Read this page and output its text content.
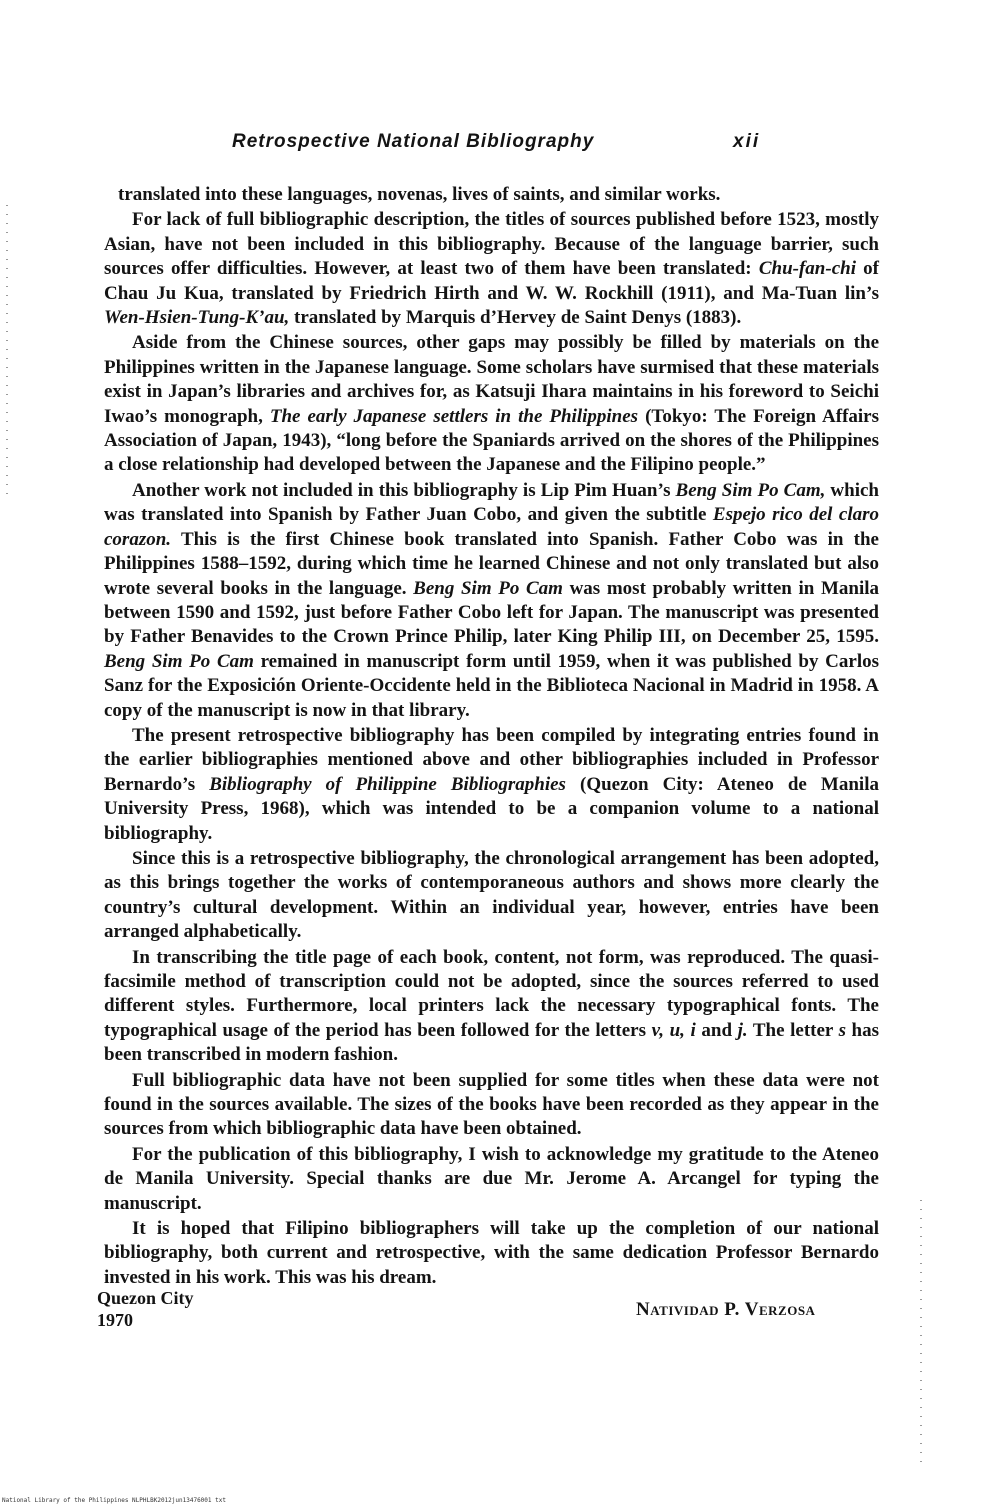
Retrospective National Bibliography	xii

translated into these languages, novenas, lives of saints, and similar works.

For lack of full bibliographic description, the titles of sources published before 1523, mostly Asian, have not been included in this bibliography. Because of the language barrier, such sources offer difficulties. However, at least two of them have been translated: Chu-fan-chi of Chau Ju Kua, translated by Friedrich Hirth and W. W. Rockhill (1911), and Ma-Tuan lin’s Wen-Hsien-Tung-K’au, translated by Marquis d’Hervey de Saint Denys (1883).

Aside from the Chinese sources, other gaps may possibly be filled by materials on the Philippines written in the Japanese language. Some scholars have surmised that these materials exist in Japan’s libraries and archives for, as Katsuji Ihara maintains in his foreword to Seichi Iwao’s monograph, The early Japanese settlers in the Philippines (Tokyo: The Foreign Affairs Association of Japan, 1943), “long before the Spaniards arrived on the shores of the Philippines a close relationship had developed between the Japanese and the Filipino people.”

Another work not included in this bibliography is Lip Pim Huan’s Beng Sim Po Cam, which was translated into Spanish by Father Juan Cobo, and given the subtitle Espejo rico del claro corazon. This is the first Chinese book translated into Spanish. Father Cobo was in the Philippines 1588–1592, during which time he learned Chinese and not only translated but also wrote several books in the language. Beng Sim Po Cam was most probably written in Manila between 1590 and 1592, just before Father Cobo left for Japan. The manuscript was presented by Father Benavides to the Crown Prince Philip, later King Philip III, on December 25, 1595. Beng Sim Po Cam remained in manuscript form until 1959, when it was published by Carlos Sanz for the Exposición Oriente-Occidente held in the Biblioteca Nacional in Madrid in 1958. A copy of the manuscript is now in that library.

The present retrospective bibliography has been compiled by integrating entries found in the earlier bibliographies mentioned above and other bibliographies included in Professor Bernardo’s Bibliography of Philippine Bibliographies (Quezon City: Ateneo de Manila University Press, 1968), which was intended to be a companion volume to a national bibliography.

Since this is a retrospective bibliography, the chronological arrangement has been adopted, as this brings together the works of contemporaneous authors and shows more clearly the country’s cultural development. Within an individual year, however, entries have been arranged alphabetically.

In transcribing the title page of each book, content, not form, was reproduced. The quasi-facsimile method of transcription could not be adopted, since the sources referred to used different styles. Furthermore, local printers lack the necessary typographical fonts. The typographical usage of the period has been followed for the letters v, u, i and j. The letter s has been transcribed in modern fashion.

Full bibliographic data have not been supplied for some titles when these data were not found in the sources available. The sizes of the books have been recorded as they appear in the sources from which bibliographic data have been obtained.

For the publication of this bibliography, I wish to acknowledge my gratitude to the Ateneo de Manila University. Special thanks are due Mr. Jerome A. Arcangel for typing the manuscript.

It is hoped that Filipino bibliographers will take up the completion of our national bibliography, both current and retrospective, with the same dedication Professor Bernardo invested in his work. This was his dream.

Quezon City
1970	Natividad P. Verzosa
National Library of the Philippines NLPHLBK2012jun13476001 txt
